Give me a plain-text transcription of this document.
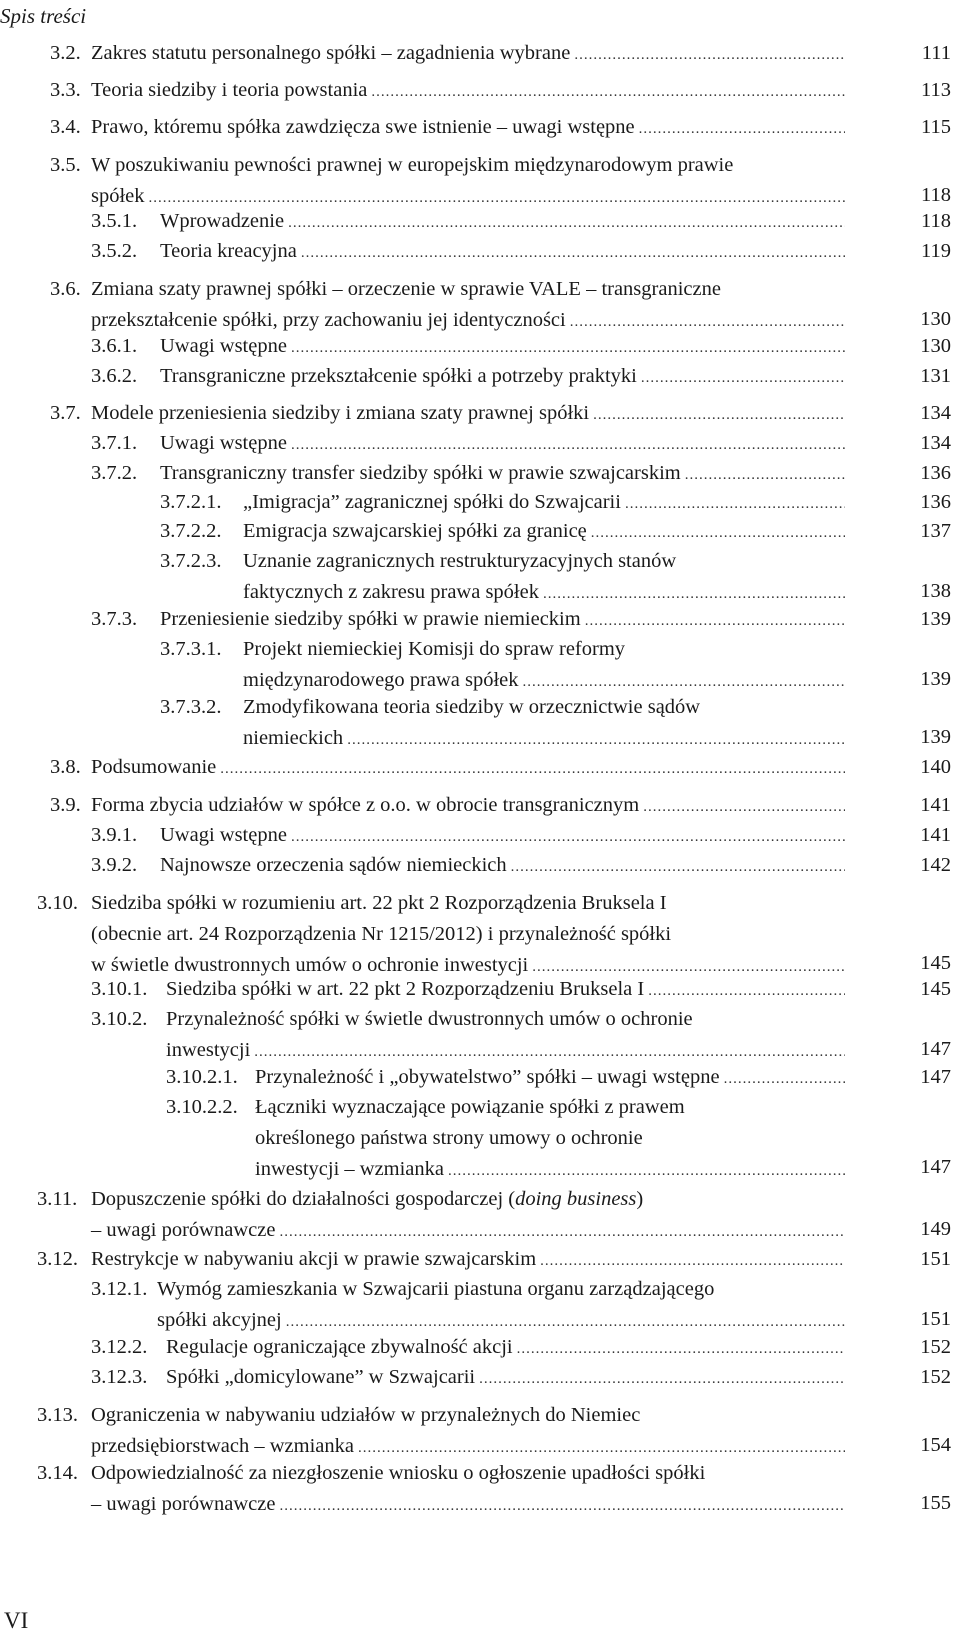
Spis treści
3.2. Zakres statutu personalnego spółki – zagadnienia wybrane .....	111
3.3. Teoria siedziby i teoria powstania .....	113
3.4. Prawo, któremu spółka zawdzięcza swe istnienie – uwagi wstępne .....	115
3.5. W poszukiwaniu pewności prawnej w europejskim międzynarodowym prawie
spółek .....	118
3.5.1. Wprowadzenie .....	118
3.5.2. Teoria kreacyjna .....	119
3.6. Zmiana szaty prawnej spółki – orzeczenie w sprawie VALE – transgraniczne
przekształcenie spółki, przy zachowaniu jej identyczności .....	130
3.6.1. Uwagi wstępne .....	130
3.6.2. Transgraniczne przekształcenie spółki a potrzeby praktyki .....	131
3.7. Modele przeniesienia siedziby i zmiana szaty prawnej spółki .....	134
3.7.1. Uwagi wstępne .....	134
3.7.2. Transgraniczny transfer siedziby spółki w prawie szwajcarskim .....	136
3.7.2.1. „Imigracja” zagranicznej spółki do Szwajcarii .....	136
3.7.2.2. Emigracja szwajcarskiej spółki za granicę .....	137
3.7.2.3. Uznanie zagranicznych restrukturyzacyjnych stanów
faktycznych z zakresu prawa spółek .....	138
3.7.3. Przeniesienie siedziby spółki w prawie niemieckim .....	139
3.7.3.1. Projekt niemieckiej Komisji do spraw reformy
międzynarodowego prawa spółek .....	139
3.7.3.2. Zmodyfikowana teoria siedziby w orzecznictwie sądów
niemieckich .....	139
3.8. Podsumowanie .....	140
3.9. Forma zbycia udziałów w spółce z o.o. w obrocie transgranicznym .....	141
3.9.1. Uwagi wstępne .....	141
3.9.2. Najnowsze orzeczenia sądów niemieckich .....	142
3.10. Siedziba spółki w rozumieniu art. 22 pkt 2 Rozporządzenia Bruksela I
(obecnie art. 24 Rozporządzenia Nr 1215/2012) i przynależność spółki
w świetle dwustronnych umów o ochronie inwestycji .....	145
3.10.1. Siedziba spółki w art. 22 pkt 2 Rozporządzeniu Bruksela I .....	145
3.10.2. Przynależność spółki w świetle dwustronnych umów o ochronie
inwestycji .....	147
3.10.2.1. Przynależność i „obywatelstwo” spółki – uwagi wstępne .....	147
3.10.2.2. Łączniki wyznaczające powiązanie spółki z prawem
określonego państwa strony umowy o ochronie
inwestycji – wzmianka .....	147
3.11. Dopuszczenie spółki do działalności gospodarczej (doing business)
– uwagi porównawcze .....	149
3.12. Restrykcje w nabywaniu akcji w prawie szwajcarskim .....	151
3.12.1. Wymóg zamieszkania w Szwajcarii piastuna organu zarządzającego
spółki akcyjnej .....	151
3.12.2. Regulacje ograniczające zbywalność akcji .....	152
3.12.3. Spółki „domicylowane” w Szwajcarii .....	152
3.13. Ograniczenia w nabywaniu udziałów w przynależnych do Niemiec
przedsiębiorstwach – wzmianka .....	154
3.14. Odpowiedzialność za niezgłoszenie wniosku o ogłoszenie upadłości spółki
– uwagi porównawcze .....	155
VI
